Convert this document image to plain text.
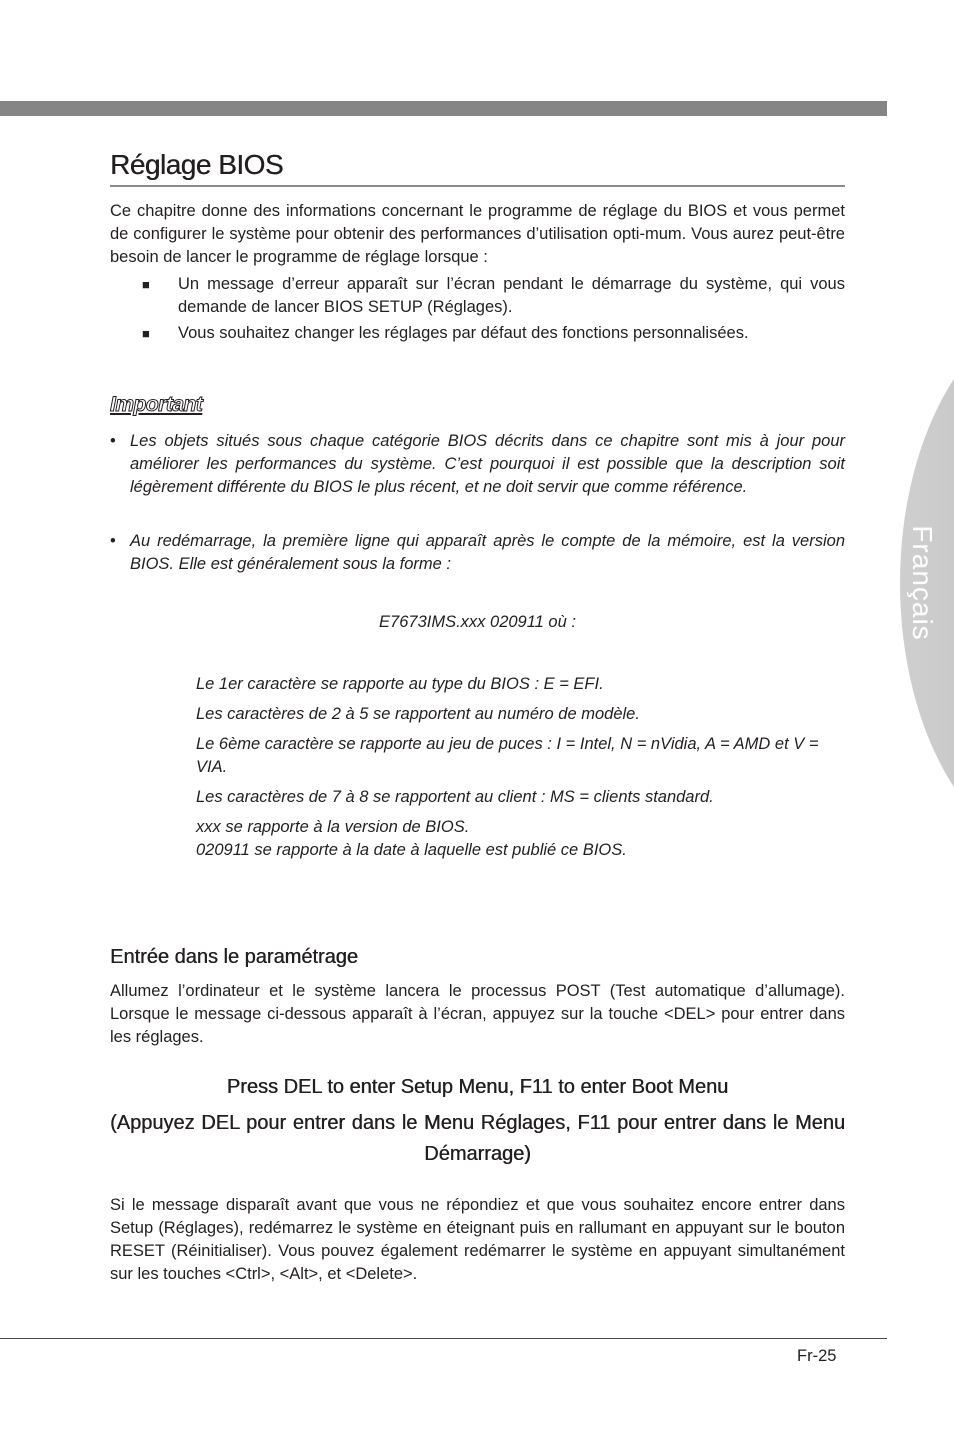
Français
Réglage BIOS

Ce chapitre donne des informations concernant le programme de réglage du BIOS et vous permet de configurer le système pour obtenir des performances d’utilisation opti-mum. Vous aurez peut-être besoin de lancer le programme de réglage lorsque :

■ Un message d’erreur apparaît sur l’écran pendant le démarrage du système, qui vous demande de lancer BIOS SETUP (Réglages).
■ Vous souhaitez changer les réglages par défaut des fonctions personnalisées.
Important
• Les objets situés sous chaque catégorie BIOS décrits dans ce chapitre sont mis à jour pour améliorer les performances du système. C’est pourquoi il est possible que la description soit légèrement différente du BIOS le plus récent, et ne doit servir que comme référence.
• Au redémarrage, la première ligne qui apparaît après le compte de la mémoire, est la version BIOS. Elle est généralement sous la forme :
E7673IMS.xxx 020911 où :
Le 1er caractère se rapporte au type du BIOS : E = EFI.
Les caractères de 2 à 5 se rapportent au numéro de modèle.
Le 6ème caractère se rapporte au jeu de puces : I = Intel, N = nVidia, A = AMD et V = VIA.
Les caractères de 7 à 8 se rapportent au client : MS = clients standard.
xxx se rapporte à la version de BIOS.
020911 se rapporte à la date à laquelle est publié ce BIOS.
Entrée dans le paramétrage

Allumez l’ordinateur et le système lancera le processus POST (Test automatique d’allumage). Lorsque le message ci-dessous apparaît à l’écran, appuyez sur la touche <DEL> pour entrer dans les réglages.

Press DEL to enter Setup Menu, F11 to enter Boot Menu

(Appuyez DEL pour entrer dans le Menu Réglages, F11 pour entrer dans le Menu Démarrage)

Si le message disparaît avant que vous ne répondiez et que vous souhaitez encore entrer dans Setup (Réglages), redémarrez le système en éteignant puis en rallumant en appuyant sur le bouton RESET (Réinitialiser). Vous pouvez également redémarrer le système en appuyant simultanément sur les touches <Ctrl>, <Alt>, et <Delete>.

Fr-25
